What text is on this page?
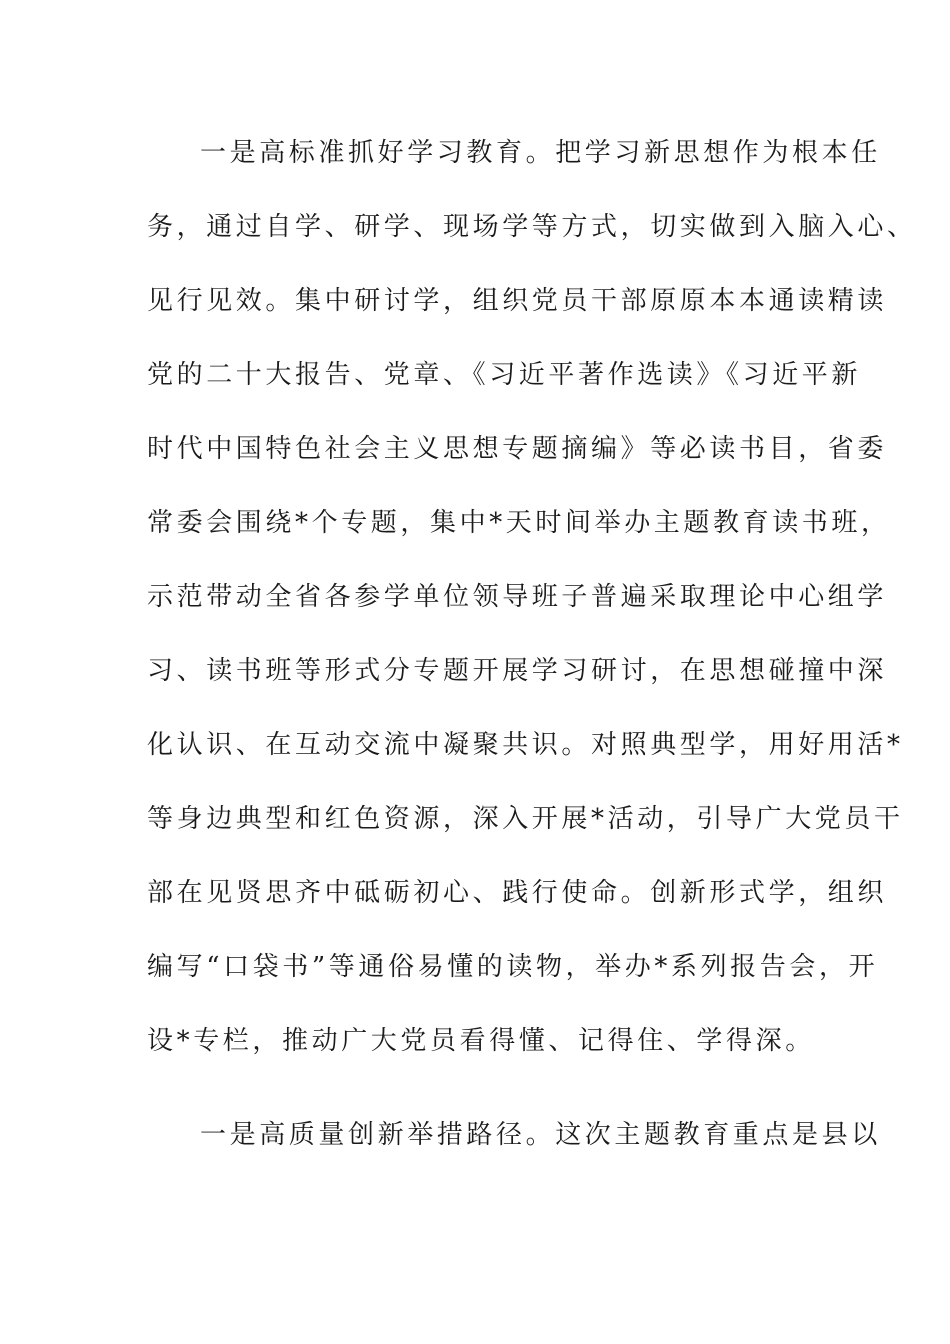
一是高标准抓好学习教育。把学习新思想作为根本任
务，通过自学、研学、现场学等方式，切实做到入脑入心、
见行见效。集中研讨学，组织党员干部原原本本通读精读
党的二十大报告、党章、《习近平著作选读》《习近平新
时代中国特色社会主义思想专题摘编》等必读书目，省委
常委会围绕*个专题，集中*天时间举办主题教育读书班，
示范带动全省各参学单位领导班子普遍采取理论中心组学
习、读书班等形式分专题开展学习研讨，在思想碰撞中深
化认识、在互动交流中凝聚共识。对照典型学，用好用活*
等身边典型和红色资源，深入开展*活动，引导广大党员干
部在见贤思齐中砥砺初心、践行使命。创新形式学，组织
编写“口袋书”等通俗易懂的读物，举办*系列报告会，开
设*专栏，推动广大党员看得懂、记得住、学得深。
一是高质量创新举措路径。这次主题教育重点是县以
